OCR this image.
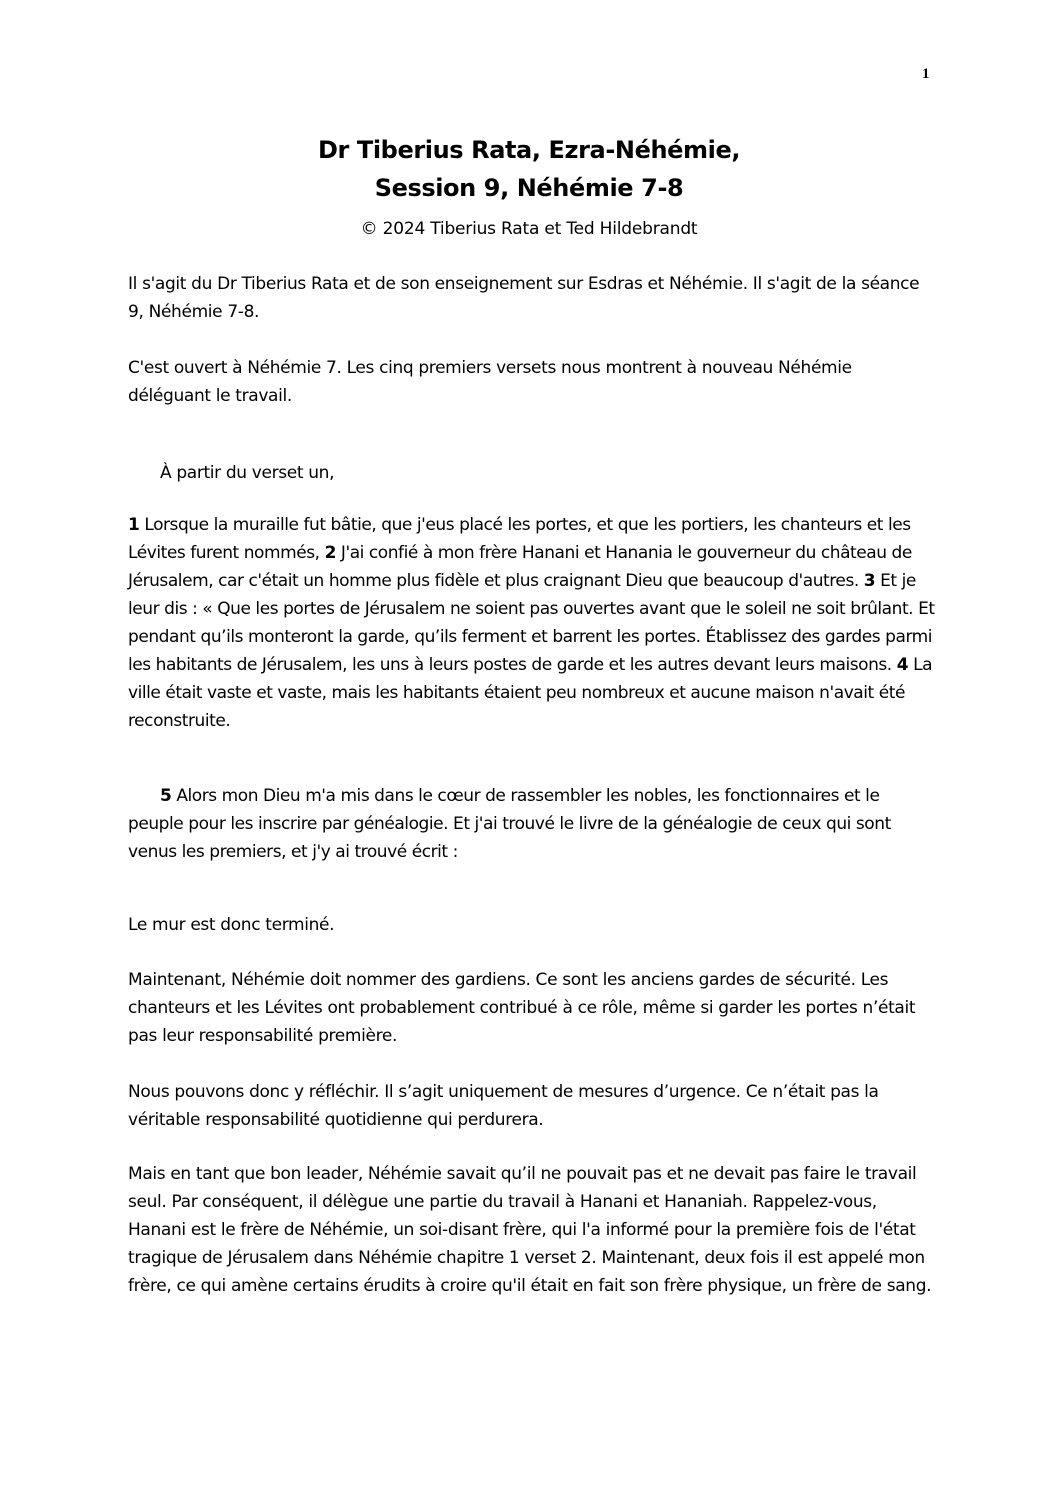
1
Dr Tiberius Rata, Ezra-Néhémie,
Session 9, Néhémie 7-8
© 2024 Tiberius Rata et Ted Hildebrandt

Il s'agit du Dr Tiberius Rata et de son enseignement sur Esdras et Néhémie. Il s'agit de la séance 9, Néhémie 7-8.

C'est ouvert à Néhémie 7. Les cinq premiers versets nous montrent à nouveau Néhémie déléguant le travail.

À partir du verset un,

1 Lorsque la muraille fut bâtie, que j'eus placé les portes, et que les portiers, les chanteurs et les Lévites furent nommés, 2 J'ai confié à mon frère Hanani et Hanania le gouverneur du château de Jérusalem, car c'était un homme plus fidèle et plus craignant Dieu que beaucoup d'autres. 3 Et je leur dis : « Que les portes de Jérusalem ne soient pas ouvertes avant que le soleil ne soit brûlant. Et pendant qu’ils monteront la garde, qu’ils ferment et barrent les portes. Établissez des gardes parmi les habitants de Jérusalem, les uns à leurs postes de garde et les autres devant leurs maisons. 4 La ville était vaste et vaste, mais les habitants étaient peu nombreux et aucune maison n'avait été reconstruite.

5 Alors mon Dieu m'a mis dans le cœur de rassembler les nobles, les fonctionnaires et le peuple pour les inscrire par généalogie. Et j'ai trouvé le livre de la généalogie de ceux qui sont venus les premiers, et j'y ai trouvé écrit :

Le mur est donc terminé.

Maintenant, Néhémie doit nommer des gardiens. Ce sont les anciens gardes de sécurité. Les chanteurs et les Lévites ont probablement contribué à ce rôle, même si garder les portes n’était pas leur responsabilité première.

Nous pouvons donc y réfléchir. Il s’agit uniquement de mesures d’urgence. Ce n’était pas la véritable responsabilité quotidienne qui perdurera.

Mais en tant que bon leader, Néhémie savait qu’il ne pouvait pas et ne devait pas faire le travail seul. Par conséquent, il délègue une partie du travail à Hanani et Hananiah. Rappelez-vous, Hanani est le frère de Néhémie, un soi-disant frère, qui l'a informé pour la première fois de l'état tragique de Jérusalem dans Néhémie chapitre 1 verset 2. Maintenant, deux fois il est appelé mon frère, ce qui amène certains érudits à croire qu'il était en fait son frère physique, un frère de sang.
